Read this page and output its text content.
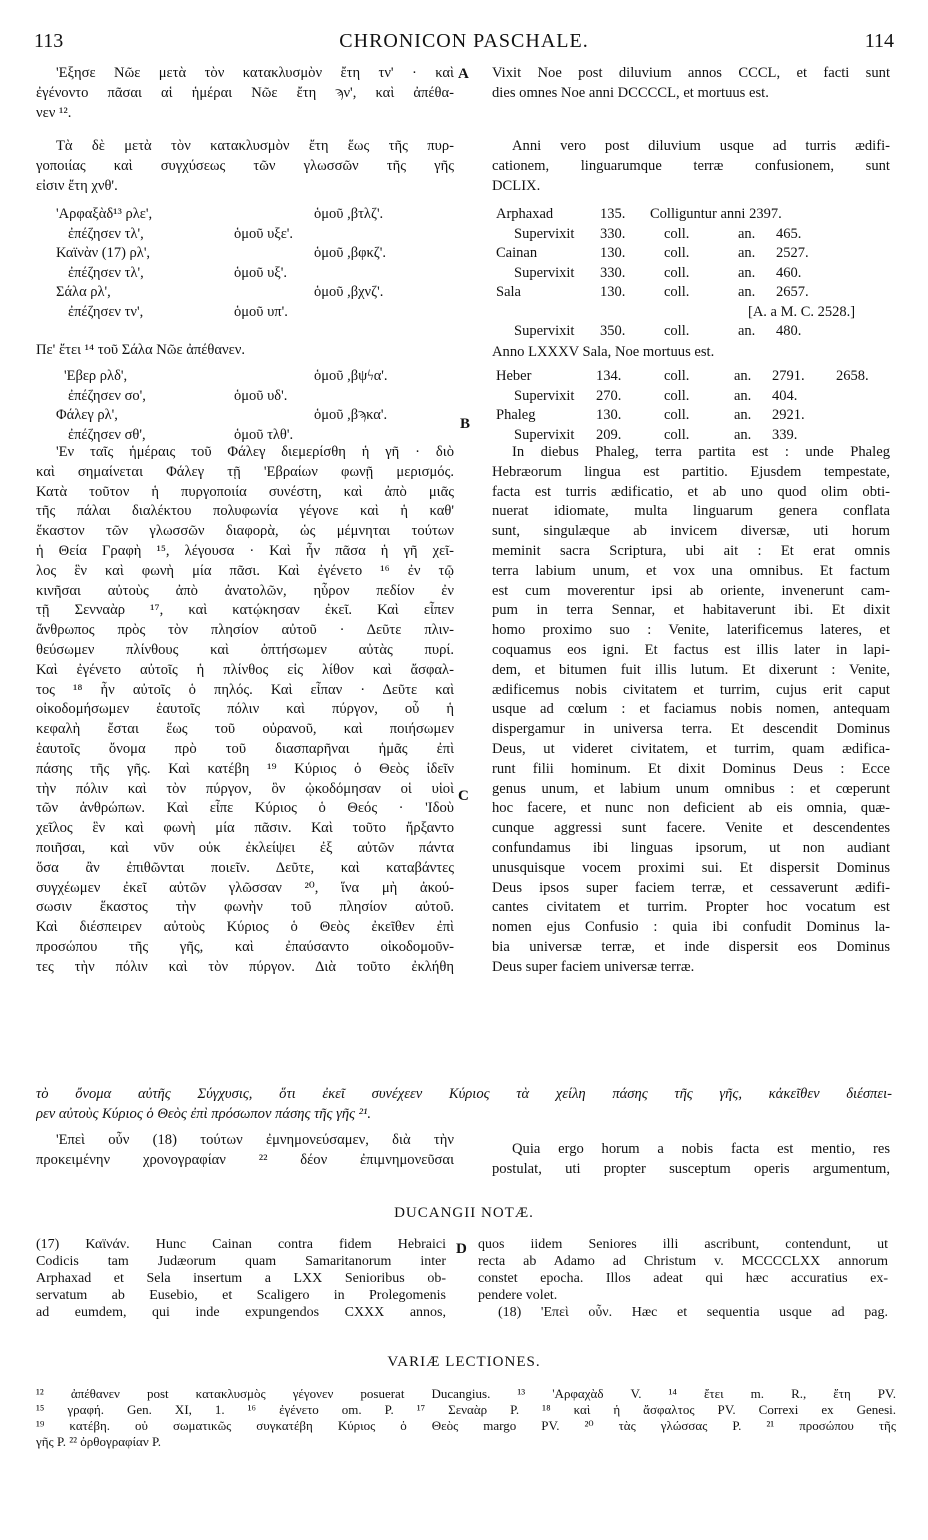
113	CHRONICON PASCHALE.	114
A
B
C
D
'Εξησε Νῶε μετὰ τὸν κατακλυσμὸν ἔτη τν' · καὶ
ἐγένοντο πᾶσαι αἱ ἡμέραι Νῶε ἔτη ϡν', καὶ ἀπέθα-
νεν ¹².
Τὰ δὲ μετὰ τὸν κατακλυσμὸν ἔτη ἕως τῆς πυρ-
γοποιίας καὶ συγχύσεως τῶν γλωσσῶν τῆς γῆς
εἰσιν ἔτη χνθ'.
'Αρφαξὰδ¹³ ρλε',	ὁμοῦ ,βτλζ'.
ἐπέζησεν τλ',	ὁμοῦ υξε'.
Καϊνὰν (17) ρλ',	ὁμοῦ ,βφκζ'.
ἐπέζησεν τλ',	ὁμοῦ υξ'.
Σάλα ρλ',	ὁμοῦ ,βχνζ'.
ἐπέζησεν τν',	ὁμοῦ υπ'.
Πε' ἔτει ¹⁴ τοῦ Σάλα Νῶε ἀπέθανεν.
'Εβερ ρλδ',	ὁμοῦ ,βψϟα'.
ἐπέζησεν σο',	ὁμοῦ υδ'.
Φάλεγ ρλ',	ὁμοῦ ,βϡκα'.
ἐπέζησεν σθ',	ὁμοῦ τλθ'.
'Εν ταῖς ἡμέραις τοῦ Φάλεγ διεμερίσθη ἡ γῆ · διὸ
καὶ σημαίνεται Φάλεγ τῇ 'Εβραίων φωνῇ μερισμός.
Κατὰ τοῦτον ἡ πυργοποιία συνέστη, καὶ ἀπὸ μιᾶς
τῆς πάλαι διαλέκτου πολυφωνία γέγονε καὶ ἡ καθ'
ἕκαστον τῶν γλωσσῶν διαφορὰ, ὡς μέμνηται τούτων
ἡ Θεία Γραφὴ ¹⁵, λέγουσα · Καὶ ἦν πᾶσα ἡ γῆ χεῖ-
λος ἓν καὶ φωνὴ μία πᾶσι. Καὶ ἐγένετο ¹⁶ ἐν τῷ
κινῆσαι αὐτοὺς ἀπὸ ἀνατολῶν, ηὗρον πεδίον ἐν
τῇ Σενναὰρ ¹⁷, καὶ κατῴκησαν ἐκεῖ. Καὶ εἶπεν
ἄνθρωπος πρὸς τὸν πλησίον αὐτοῦ · Δεῦτε πλιν-
θεύσωμεν πλίνθους καὶ ὀπτήσωμεν αὐτὰς πυρί.
Καὶ ἐγένετο αὐτοῖς ἡ πλίνθος εἰς λίθον καὶ ἄσφαλ-
τος ¹⁸ ἦν αὐτοῖς ὁ πηλός. Καὶ εἶπαν · Δεῦτε καὶ
οἰκοδομήσωμεν ἑαυτοῖς πόλιν καὶ πύργον, οὗ ἡ
κεφαλὴ ἔσται ἕως τοῦ οὐρανοῦ, καὶ ποιήσωμεν
ἑαυτοῖς ὄνομα πρὸ τοῦ διασπαρῆναι ἡμᾶς ἐπὶ
πάσης τῆς γῆς. Καὶ κατέβη ¹⁹ Κύριος ὁ Θεὸς ἰδεῖν
τὴν πόλιν καὶ τὸν πύργον, ὃν ᾠκοδόμησαν οἱ υἱοὶ
τῶν ἀνθρώπων. Καὶ εἶπε Κύριος ὁ Θεός · 'Ιδοὺ
χεῖλος ἓν καὶ φωνὴ μία πᾶσιν. Καὶ τοῦτο ἤρξαντο
ποιῆσαι, καὶ νῦν οὐκ ἐκλείψει ἐξ αὐτῶν πάντα
ὅσα ἂν ἐπιθῶνται ποιεῖν. Δεῦτε, καὶ καταβάντες
συγχέωμεν ἐκεῖ αὐτῶν γλῶσσαν ²⁰, ἵνα μὴ ἀκού-
σωσιν ἕκαστος τὴν φωνὴν τοῦ πλησίον αὐτοῦ.
Καὶ διέσπειρεν αὐτοὺς Κύριος ὁ Θεὸς ἐκεῖθεν ἐπὶ
προσώπου τῆς γῆς, καὶ ἐπαύσαντο οἰκοδομοῦν-
τες τὴν πόλιν καὶ τὸν πύργον. Διὰ τοῦτο ἐκλήθη
Vixit Noe post diluvium annos CCCL, et facti sunt
dies omnes Noe anni DCCCCL, et mortuus est.
Anni vero post diluvium usque ad turris ædifi-
cationem, linguarumque terræ confusionem, sunt
DCLIX.
Arphaxad	135. Colliguntur anni 2397.
Supervixit 330.	coll.	an. 465.
Cainan	130.	coll.	an. 2527.
Supervixit 330.	coll.	an. 460.
Sala	130.	coll.	an. 2657.
[A. a M. C. 2528.]
Supervixit 350.	coll.	an. 480.
Anno LXXXV Sala, Noe mortuus est.
Heber	134.	coll.	an. 2791. 2658.
Supervixit 270.	coll.	an. 404.
Phaleg	130.	coll.	an. 2921.
Supervixit 209.	coll.	an. 339.
In diebus Phaleg, terra partita est : unde Phaleg
Hebræorum lingua est partitio. Ejusdem tempestate,
facta est turris ædificatio, et ab uno quod olim obti-
nuerat idiomate, multa linguarum genera conflata
sunt, singulæque ab invicem diversæ, uti horum
meminit sacra Scriptura, ubi ait : Et erat omnis
terra labium unum, et vox una omnibus. Et factum
est cum moverentur ipsi ab oriente, invenerunt cam-
pum in terra Sennar, et habitaverunt ibi. Et dixit
homo proximo suo : Venite, laterificemus lateres, et
coquamus eos igni. Et factus est illis later in lapi-
dem, et bitumen fuit illis lutum. Et dixerunt : Venite,
ædificemus nobis civitatem et turrim, cujus erit caput
usque ad cœlum : et faciamus nobis nomen, antequam
dispergamur in universa terra. Et descendit Dominus
Deus, ut videret civitatem, et turrim, quam ædifica-
runt filii hominum. Et dixit Dominus Deus : Ecce
genus unum, et labium unum omnibus : et cœperunt
hoc facere, et nunc non deficient ab eis omnia, quæ-
cunque aggressi sunt facere. Venite et descendentes
confundamus ibi linguas ipsorum, ut non audiant
unusquisque vocem proximi sui. Et dispersit Dominus
Deus ipsos super faciem terræ, et cessaverunt ædifi-
cantes civitatem et turrim. Propter hoc vocatum est
nomen ejus Confusio : quia ibi confudit Dominus la-
bia universæ terræ, et inde dispersit eos Dominus
Deus super faciem universæ terræ.
τὸ ὄνομα αὐτῆς Σύγχυσις, ὅτι ἐκεῖ συνέχεεν Κύριος τὰ χείλη πάσης τῆς γῆς, κἀκεῖθεν διέσπει-
ρεν αὐτοὺς Κύριος ὁ Θεὸς ἐπὶ πρόσωπον πάσης τῆς γῆς ²¹.
'Επεὶ οὖν (18) τούτων ἐμνημονεύσαμεν, διὰ τὴν
προκειμένην χρονογραφίαν ²² δέον ἐπιμνημονεῦσαι
Quia ergo horum a nobis facta est mentio, res
postulat, uti propter susceptum operis argumentum,
DUCANGII NOTÆ.
(17) Καϊνάν. Hunc Cainan contra fidem Hebraici
Codicis tam Judæorum quam Samaritanorum inter
Arphaxad et Sela insertum a LXX Senioribus ob-
servatum ab Eusebio, et Scaligero in Prolegomenis
ad eumdem, qui inde expungendos CXXX annos,
quos iidem Seniores illi ascribunt, contendunt, ut
recta ab Adamo ad Christum v. MCCCCLXX annorum
constet epocha. Illos adeat qui hæc accuratius ex-
pendere volet.
(18) 'Επεὶ οὖν. Hæc et sequentia usque ad pag.
VARIÆ LECTIONES.
¹² ἀπέθανεν post κατακλυσμὸς γέγονεν posuerat Ducangius. ¹³ 'Αρφαχὰδ V. ¹⁴ ἔτει m. R., ἔτη PV.
¹⁵ γραφή. Gen. XI, 1. ¹⁶ ἐγένετο om. P. ¹⁷ Σεναὰρ P. ¹⁸ καὶ ἡ ἄσφαλτος PV. Correxi ex Genesi.
¹⁹ κατέβη. οὐ σωματικῶς συγκατέβη Κύριος ὁ Θεὸς margo PV. ²⁰ τὰς γλώσσας P. ²¹ προσώπου τῆς
γῆς P. ²² ὀρθογραφίαν P.
